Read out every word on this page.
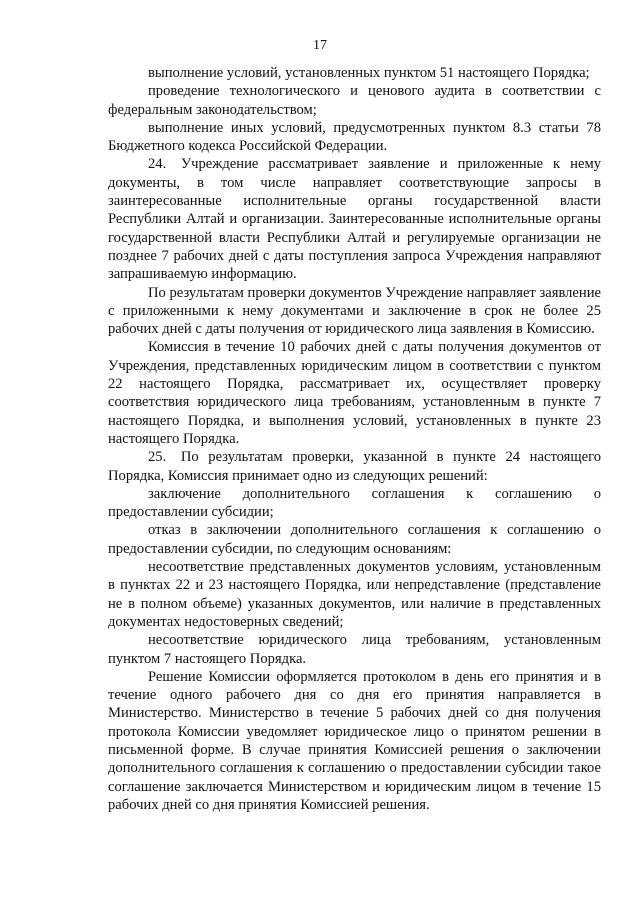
17

выполнение условий, установленных пунктом 51 настоящего Порядка;

проведение технологического и ценового аудита в соответствии с федеральным законодательством;

выполнение иных условий, предусмотренных пунктом 8.3 статьи 78 Бюджетного кодекса Российской Федерации.

24. Учреждение рассматривает заявление и приложенные к нему документы, в том числе направляет соответствующие запросы в заинтересованные исполнительные органы государственной власти Республики Алтай и организации. Заинтересованные исполнительные органы государственной власти Республики Алтай и регулируемые организации не позднее 7 рабочих дней с даты поступления запроса Учреждения направляют запрашиваемую информацию.

По результатам проверки документов Учреждение направляет заявление с приложенными к нему документами и заключение в срок не более 25 рабочих дней с даты получения от юридического лица заявления в Комиссию.

Комиссия в течение 10 рабочих дней с даты получения документов от Учреждения, представленных юридическим лицом в соответствии с пунктом 22 настоящего Порядка, рассматривает их, осуществляет проверку соответствия юридического лица требованиям, установленным в пункте 7 настоящего Порядка, и выполнения условий, установленных в пункте 23 настоящего Порядка.

25. По результатам проверки, указанной в пункте 24 настоящего Порядка, Комиссия принимает одно из следующих решений:

заключение дополнительного соглашения к соглашению о предоставлении субсидии;

отказ в заключении дополнительного соглашения к соглашению о предоставлении субсидии, по следующим основаниям:

несоответствие представленных документов условиям, установленным в пунктах 22 и 23 настоящего Порядка, или непредставление (представление не в полном объеме) указанных документов, или наличие в представленных документах недостоверных сведений;

несоответствие юридического лица требованиям, установленным пунктом 7 настоящего Порядка.

Решение Комиссии оформляется протоколом в день его принятия и в течение одного рабочего дня со дня его принятия направляется в Министерство. Министерство в течение 5 рабочих дней со дня получения протокола Комиссии уведомляет юридическое лицо о принятом решении в письменной форме. В случае принятия Комиссией решения о заключении дополнительного соглашения к соглашению о предоставлении субсидии такое соглашение заключается Министерством и юридическим лицом в течение 15 рабочих дней со дня принятия Комиссией решения.
